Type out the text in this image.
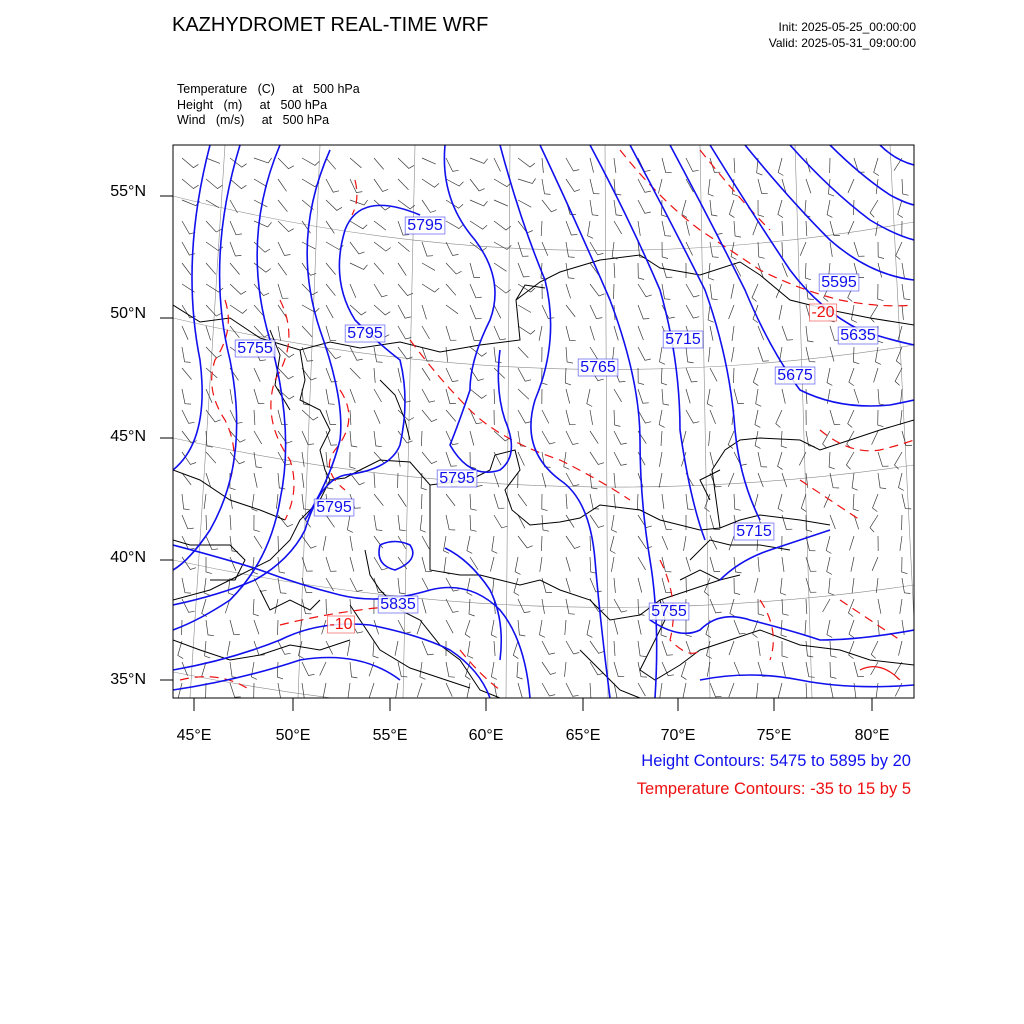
KAZHYDROMET REAL-TIME WRF	Init: 2025-05-25_00:00:00
Valid: 2025-05-31_09:00:00
Temperature   (C)     at   500 hPa
Height   (m)     at   500 hPa
Wind   (m/s)     at   500 hPa
55°N
50°N
45°N
40°N
35°N
45°E	50°E	55°E	60°E	65°E	70°E	75°E	80°E
5795
5795
5755
5765
5715
5595
5635
5675
5795
5795
5715
5835	5755
-20
-10
Height Contours: 5475 to 5895 by 20
Temperature Contours: -35 to 15 by 5
